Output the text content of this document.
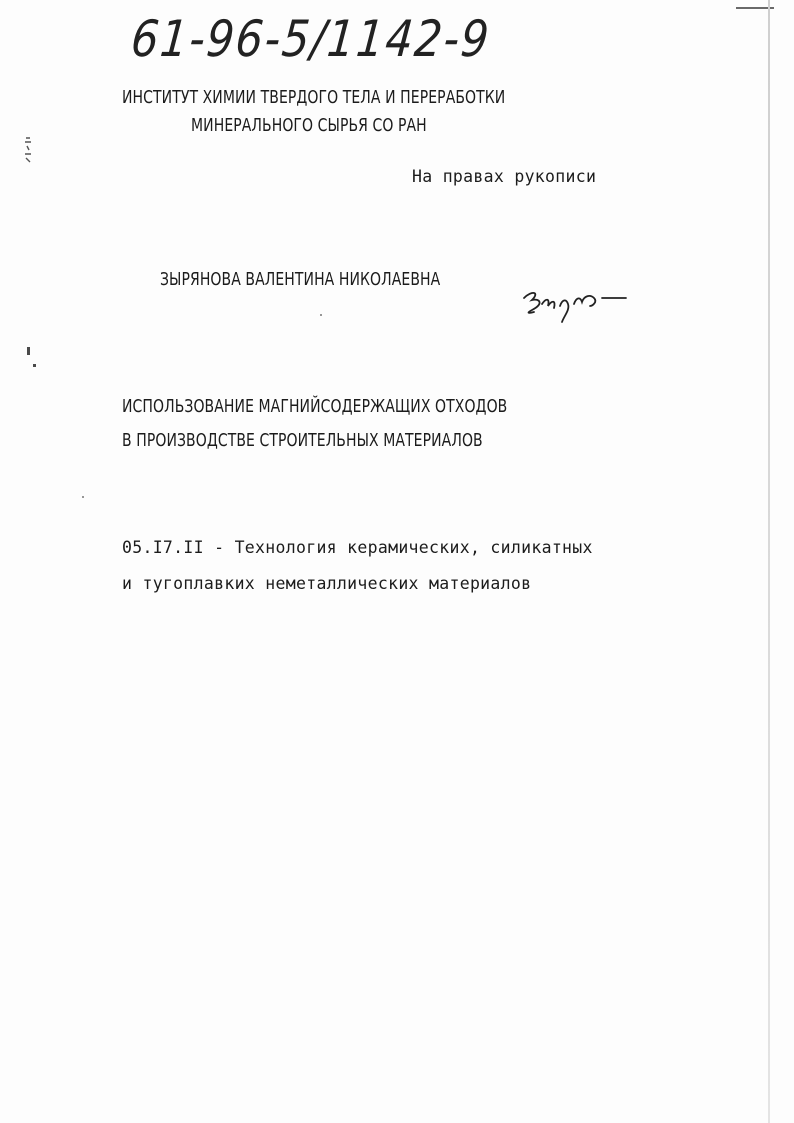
61-96-5/1142-9

ИНСТИТУТ ХИМИИ ТВЕРДОГО ТЕЛА И ПЕРЕРАБОТКИ

МИНЕРАЛЬНОГО СЫРЬЯ СО РАН

На правах рукописи

ЗЫРЯНОВА ВАЛЕНТИНА НИКОЛАЕВНА

ИСПОЛЬЗОВАНИЕ МАГНИЙСОДЕРЖАЩИХ ОТХОДОВ

В ПРОИЗВОДСТВЕ СТРОИТЕЛЬНЫХ МАТЕРИАЛОВ

05.I7.II - Технология керамических, силикатных

и тугоплавких неметаллических материалов
